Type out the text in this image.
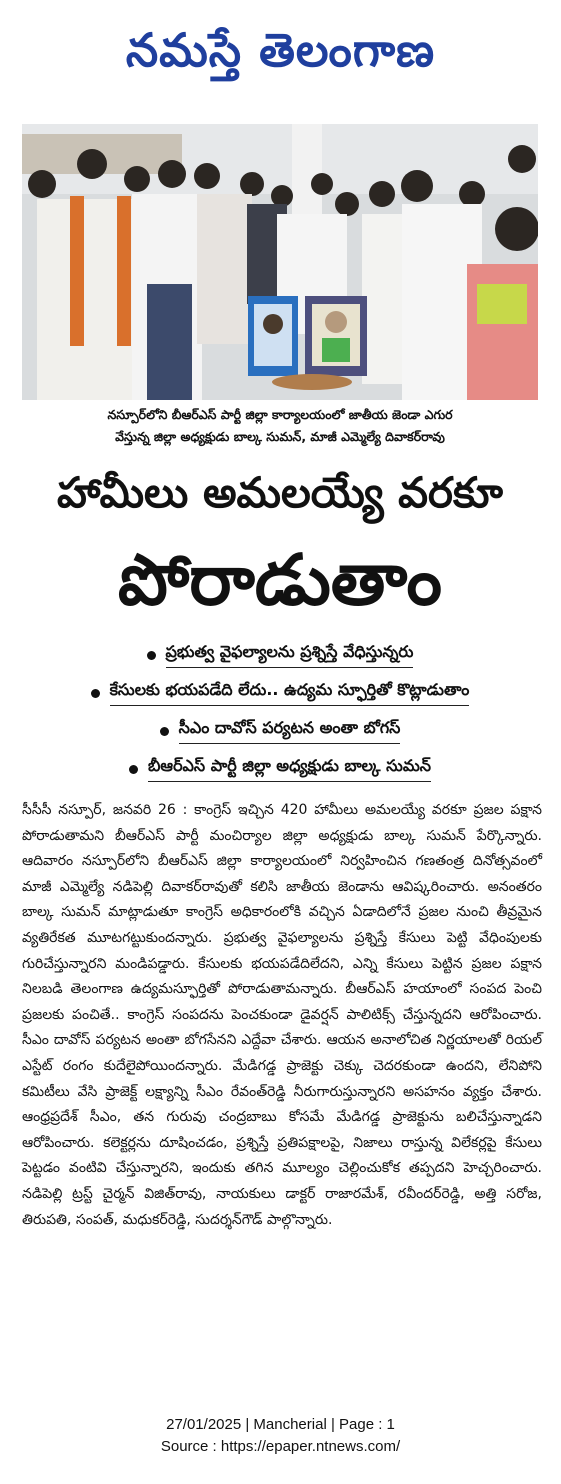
నమస్తే తెలంగాణ
నస్పూర్‌లోని బీఆర్‌ఎస్ పార్టీ జిల్లా కార్యాలయంలో జాతీయ జెండా ఎగుర
వేస్తున్న జిల్లా అధ్యక్షుడు బాల్క సుమన్, మాజీ ఎమ్మెల్యే దివాకర్‌రావు
హామీలు అమలయ్యే వరకూ
పోరాడుతాం
ప్రభుత్వ వైఫల్యాలను ప్రశ్నిస్తే వేధిస్తున్నరు
కేసులకు భయపడేది లేదు.. ఉద్యమ స్ఫూర్తితో కొట్లాడుతాం
సీఎం దావోస్ పర్యటన అంతా బోగస్
బీఆర్‌ఎస్ పార్టీ జిల్లా అధ్యక్షుడు బాల్క సుమన్
సీసీసీ నస్పూర్, జనవరి 26 : కాంగ్రెస్ ఇచ్చిన 420 హామీలు అమలయ్యే వరకూ ప్రజల పక్షాన పోరాడుతామని బీఆర్‌ఎస్ పార్టీ మంచిర్యాల జిల్లా అధ్యక్షుడు బాల్క సుమన్ పేర్కొన్నారు. ఆదివారం నస్పూర్‌లోని బీఆర్‌ఎస్ జిల్లా కార్యాలయంలో నిర్వహించిన గణతంత్ర దినోత్సవంలో మాజీ ఎమ్మెల్యే నడిపెల్లి దివాకర్‌రావుతో కలిసి జాతీయ జెండాను ఆవిష్కరించారు. అనంతరం బాల్క సుమన్ మాట్లాడుతూ కాంగ్రెస్ అధికారంలోకి వచ్చిన ఏడాదిలోనే ప్రజల నుంచి తీవ్రమైన వ్యతిరేకత మూటగట్టుకుందన్నారు. ప్రభుత్వ వైఫల్యాలను ప్రశ్నిస్తే కేసులు పెట్టి వేధింపులకు గురిచేస్తున్నారని మండిపడ్డారు. కేసులకు భయపడేదిలేదని, ఎన్ని కేసులు పెట్టిన ప్రజల పక్షాన నిలబడి తెలంగాణ ఉద్యమస్ఫూర్తితో పోరాడుతామన్నారు. బీఆర్‌ఎస్ హయాంలో సంపద పెంచి ప్రజలకు పంచితే.. కాంగ్రెస్ సంపదను పెంచకుండా డైవర్షన్ పాలిటిక్స్ చేస్తున్నదని ఆరోపించారు. సీఎం దావోస్ పర్యటన అంతా బోగసేనని ఎద్దేవా చేశారు. ఆయన అనాలోచిత నిర్ణయాలతో రియల్ ఎస్టేట్ రంగం కుదేలైపోయిందన్నారు. మేడిగడ్డ ప్రాజెక్టు చెక్కు చెదరకుండా ఉందని, లేనిపోని కమిటీలు వేసి ప్రాజెక్ట్ లక్ష్యాన్ని సీఎం రేవంత్‌రెడ్డి నీరుగారుస్తున్నారని అసహనం వ్యక్తం చేశారు. ఆంధ్రప్రదేశ్ సీఎం, తన గురువు చంద్రబాబు కోసమే మేడిగడ్డ ప్రాజెక్టును బలిచేస్తున్నాడని ఆరోపించారు. కలెక్టర్లను దూషించడం, ప్రశ్నిస్తే ప్రతిపక్షాలపై, నిజాలు రాస్తున్న విలేకర్లపై కేసులు పెట్టడం వంటివి చేస్తున్నారని, ఇందుకు తగిన మూల్యం చెల్లించుకోక తప్పదని హెచ్చరించారు. నడిపెల్లి ట్రస్ట్ చైర్మన్ విజిత్‌రావు, నాయకులు డాక్టర్ రాజారమేశ్, రవీందర్‌రెడ్డి, అత్తి సరోజ, తిరుపతి, సంపత్, మధుకర్‌రెడ్డి, సుదర్శన్‌గౌడ్ పాల్గొన్నారు.
27/01/2025 | Mancherial | Page : 1
Source : https://epaper.ntnews.com/
